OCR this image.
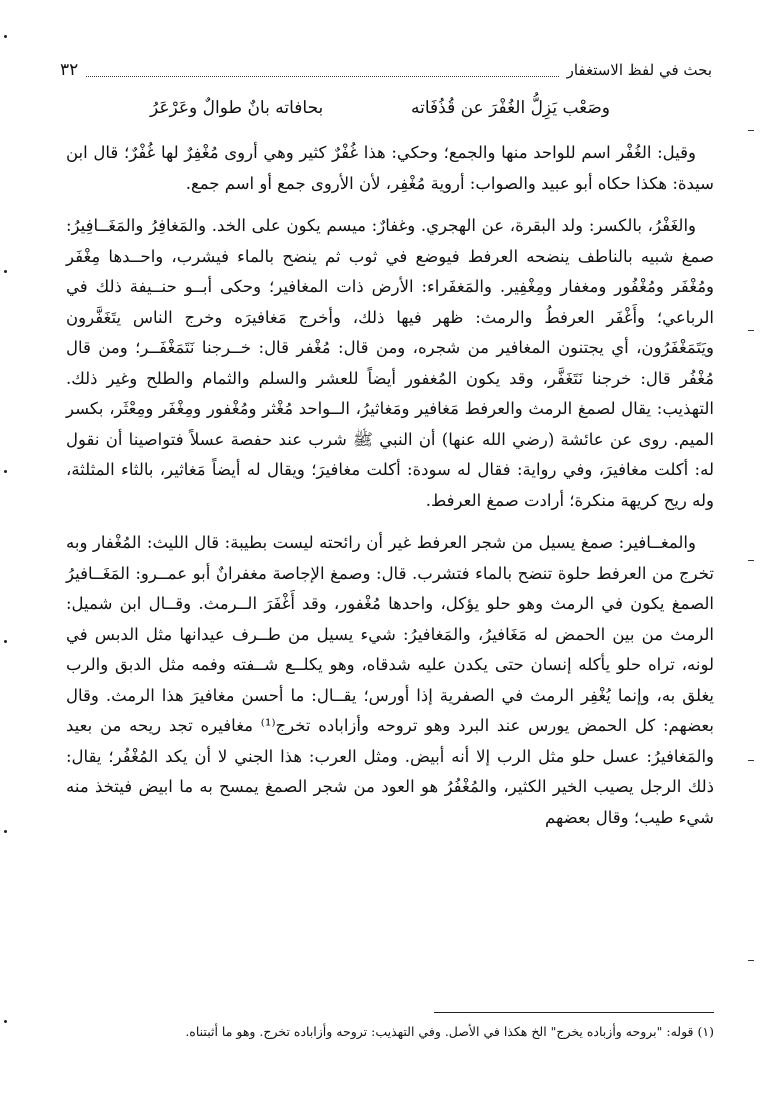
بحث في لفظ الاستغفار
٣٢
وصَعْب يَزِلُّ الغُفْرَ عن قُذُفَاته
بحافاته بانٌ طوالٌ وعَرْعَرُ

وقيل: الغُفْر اسم للواحد منها والجمع؛ وحكي: هذا غُفْرٌ كثير وهي أروى مُغْفِرٌ لها غُفْرٌ؛ قال ابن سيدة: هكذا حكاه أبو عبيد والصواب: أروية مُغْفِر، لأن الأروى جمع أو اسم جمع.

والغَفْرُ، بالكسر: ولد البقرة، عن الهجري. وغفارٌ: ميسم يكون على الخد. والمَغافِرُ والمَغَــافِيرُ: صمغ شبيه بالناطف ينضحه العرفط فيوضع في ثوب ثم ينضح بالماء فيشرب، واحــدها مِغْفَر ومُغْفَر ومُغْفُور ومغفار ومِغْفِير. والمَغفَراء: الأرض ذات المغافير؛ وحكى أبــو حنــيفة ذلك في الرباعي؛ وأَغْفَر العرفطُ والرمث: ظهر فيها ذلك، وأخرج مَغافيرَه وخرج الناس يتَغَفَّرون ويَتَمَغْفَرُون، أي يجتنون المغافير من شجره، ومن قال: مُغْفر قال: خــرجنا نَتَمَغْفَــر؛ ومن قال مُغْفُر قال: خرجنا نَتَغَفَّر، وقد يكون المُغفور أيضاً للعشر والسلم والثمام والطلح وغير ذلك. التهذيب: يقال لصمغ الرمث والعرفط مَغافير ومَغاثيرُ، الــواحد مُغْثر ومُغْفور ومِغْفَر ومِعْثَر، بكسر الميم. روى عن عائشة (رضي الله عنها) أن النبي ﷺ شرب عند حفصة عسلاً فتواصينا أن نقول له: أكلت مغافيرَ، وفي رواية: فقال له سودة: أكلت مغافيرَ؛ ويقال له أيضاً مَغاثير، بالثاء المثلثة، وله ريح كريهة منكرة؛ أرادت صمغ العرفط.

والمغــافير: صمغ يسيل من شجر العرفط غير أن رائحته ليست بطيبة: قال الليث: المُغْفار وبه تخرج من العرفط حلوة تنضح بالماء فتشرب. قال: وصمغ الإجاصة مغفرانٌ أبو عمــرو: المَغَــافيرُ الصمغ يكون في الرمث وهو حلو يؤكل، واحدها مُغْفور، وقد أَغْفَرَ الــرمث. وقــال ابن شميل: الرمث من بين الحمض له مَغَافيرُ، والمَغافيرُ: شيء يسيل من طــرف عيدانها مثل الدبس في لونه، تراه حلو يأكله إنسان حتى يكدن عليه شدقاه، وهو يكلــع شــفته وفمه مثل الدبق والرب يغلق به، وإنما يُغْفِر الرمث في الصفرية إذا أورس؛ يقــال: ما أحسن مغافيرَ هذا الرمث. وقال بعضهم: كل الحمض يورس عند البرد وهو تروحه وأزاباده تخرج⁽¹⁾ مغافيره تجد ريحه من بعيد والمَغافيرُ: عسل حلو مثل الرب إلا أنه أبيض. ومثل العرب: هذا الجني لا أن يكد المُغْفُر؛ يقال: ذلك الرجل يصيب الخير الكثير، والمُغْفُرُ هو العود من شجر الصمغ يمسح به ما ابيض فيتخذ منه شيء طيب؛ وقال بعضهم

(١) قوله: "بروحه وأزباده يخرج" الخ هكذا في الأصل. وفي التهذيب: تروحه وأزاباده تخرج. وهو ما أثبتناه.
